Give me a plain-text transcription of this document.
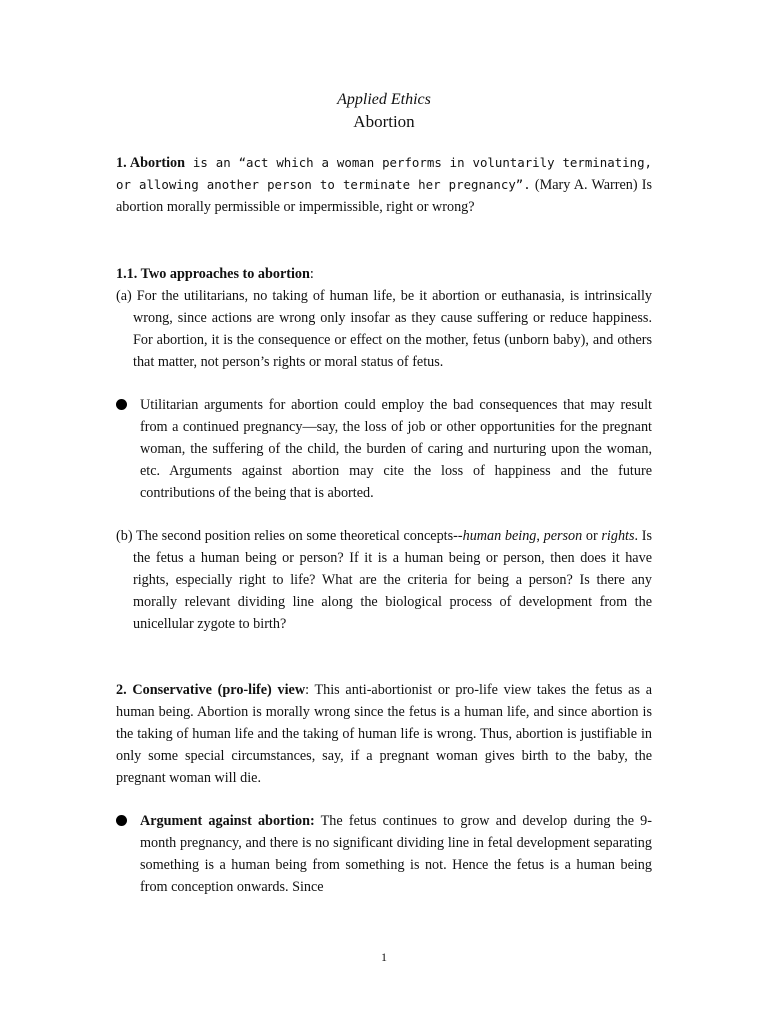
Applied Ethics
Abortion
1. Abortion is an “act which a woman performs in voluntarily terminating, or allowing another person to terminate her pregnancy”. (Mary A. Warren) Is abortion morally permissible or impermissible, right or wrong?
1.1. Two approaches to abortion:
(a) For the utilitarians, no taking of human life, be it abortion or euthanasia, is intrinsically wrong, since actions are wrong only insofar as they cause suffering or reduce happiness. For abortion, it is the consequence or effect on the mother, fetus (unborn baby), and others that matter, not person’s rights or moral status of fetus.
Utilitarian arguments for abortion could employ the bad consequences that may result from a continued pregnancy—say, the loss of job or other opportunities for the pregnant woman, the suffering of the child, the burden of caring and nurturing upon the woman, etc. Arguments against abortion may cite the loss of happiness and the future contributions of the being that is aborted.
(b) The second position relies on some theoretical concepts--human being, person or rights. Is the fetus a human being or person? If it is a human being or person, then does it have rights, especially right to life? What are the criteria for being a person? Is there any morally relevant dividing line along the biological process of development from the unicellular zygote to birth?
2. Conservative (pro-life) view: This anti-abortionist or pro-life view takes the fetus as a human being. Abortion is morally wrong since the fetus is a human life, and since abortion is the taking of human life and the taking of human life is wrong. Thus, abortion is justifiable in only some special circumstances, say, if a pregnant woman gives birth to the baby, the pregnant woman will die.
Argument against abortion: The fetus continues to grow and develop during the 9-month pregnancy, and there is no significant dividing line in fetal development separating something is a human being from something is not. Hence the fetus is a human being from conception onwards. Since
1
